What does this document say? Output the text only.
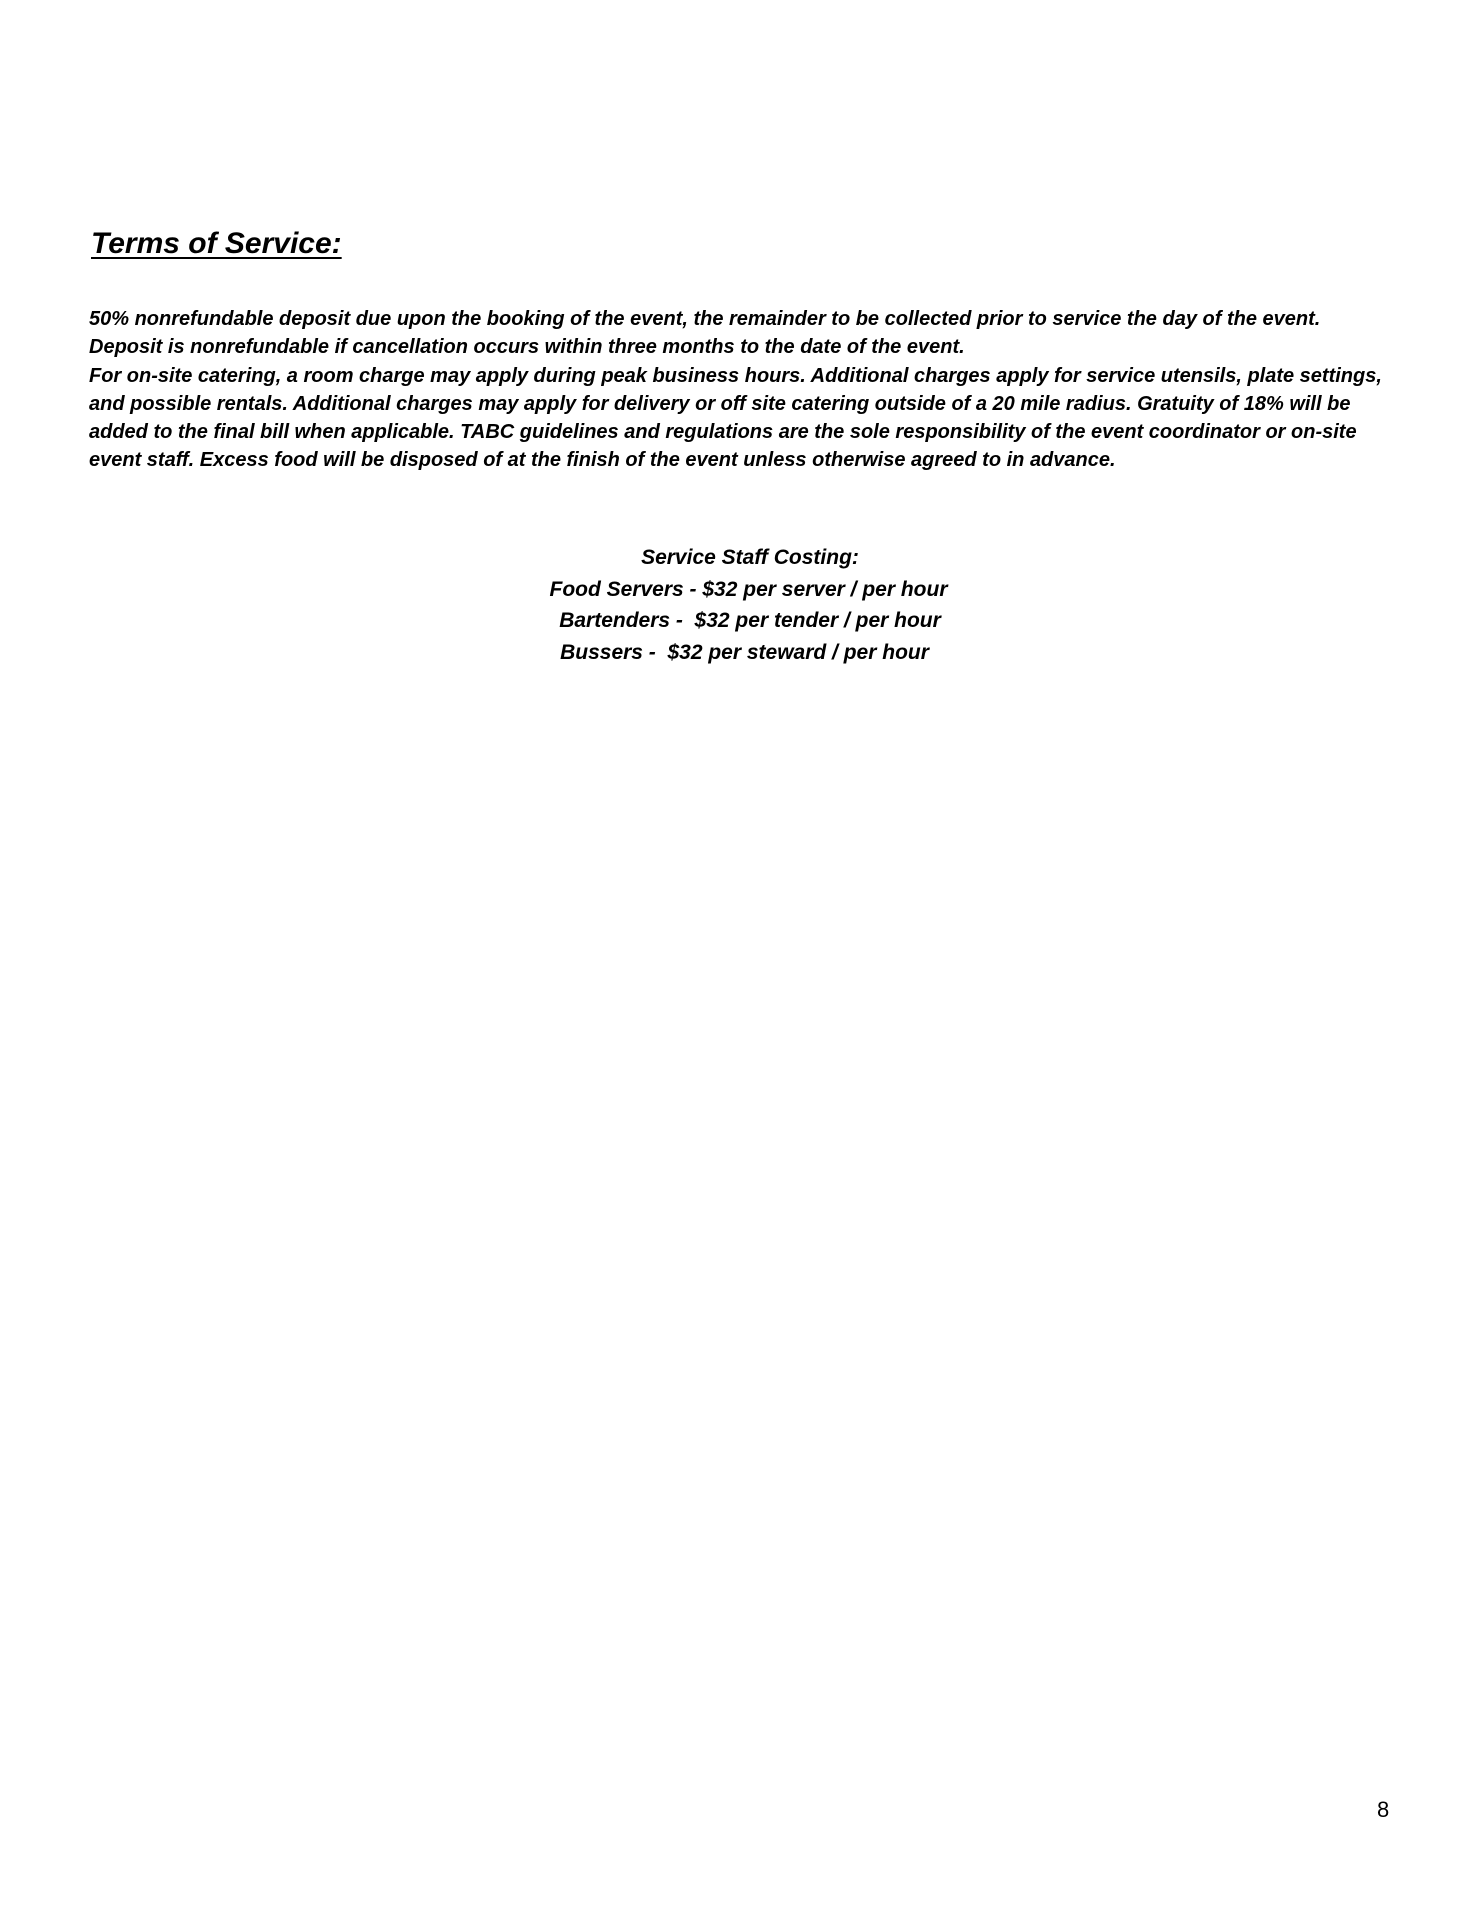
Terms of Service:

50% nonrefundable deposit due upon the booking of the event, the remainder to be collected prior to service the day of the event.

Deposit is nonrefundable if cancellation occurs within three months to the date of the event.

For on-site catering, a room charge may apply during peak business hours. Additional charges apply for service utensils, plate settings, and possible rentals. Additional charges may apply for delivery or off site catering outside of a 20 mile radius. Gratuity of 18% will be added to the final bill when applicable. TABC guidelines and regulations are the sole responsibility of the event coordinator or on-site event staff. Excess food will be disposed of at the finish of the event unless otherwise agreed to in advance.

Service Staff Costing:
Food Servers - $32 per server / per hour
Bartenders -  $32 per tender / per hour
Bussers -  $32 per steward / per hour
8
